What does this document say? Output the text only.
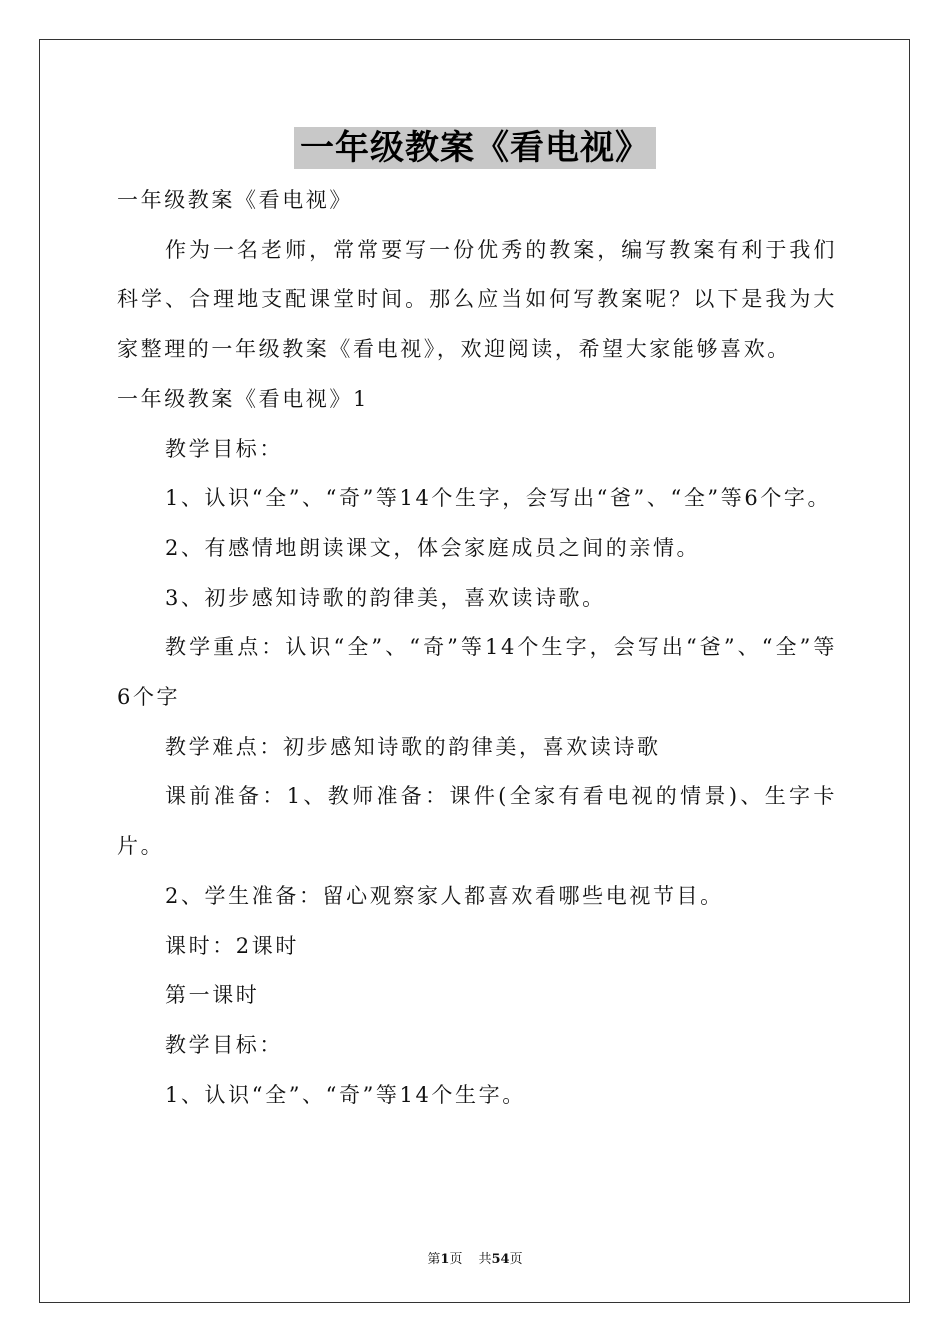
一年级教案《看电视》

一年级教案《看电视》

作为一名老师，常常要写一份优秀的教案，编写教案有利于我们科学、合理地支配课堂时间。那么应当如何写教案呢？以下是我为大家整理的一年级教案《看电视》，欢迎阅读，希望大家能够喜欢。

一年级教案《看电视》1

教学目标：

1、认识“全”、“奇”等14个生字，会写出“爸”、“全”等6个字。

2、有感情地朗读课文，体会家庭成员之间的亲情。

3、初步感知诗歌的韵律美，喜欢读诗歌。

教学重点：认识“全”、“奇”等14个生字，会写出“爸”、“全”等6个字

教学难点：初步感知诗歌的韵律美，喜欢读诗歌

课前准备：1、教师准备：课件(全家有看电视的情景)、生字卡片。

2、学生准备：留心观察家人都喜欢看哪些电视节目。

课时：2课时

第一课时

教学目标：

1、认识“全”、“奇”等14个生字。

第1页 共54页
